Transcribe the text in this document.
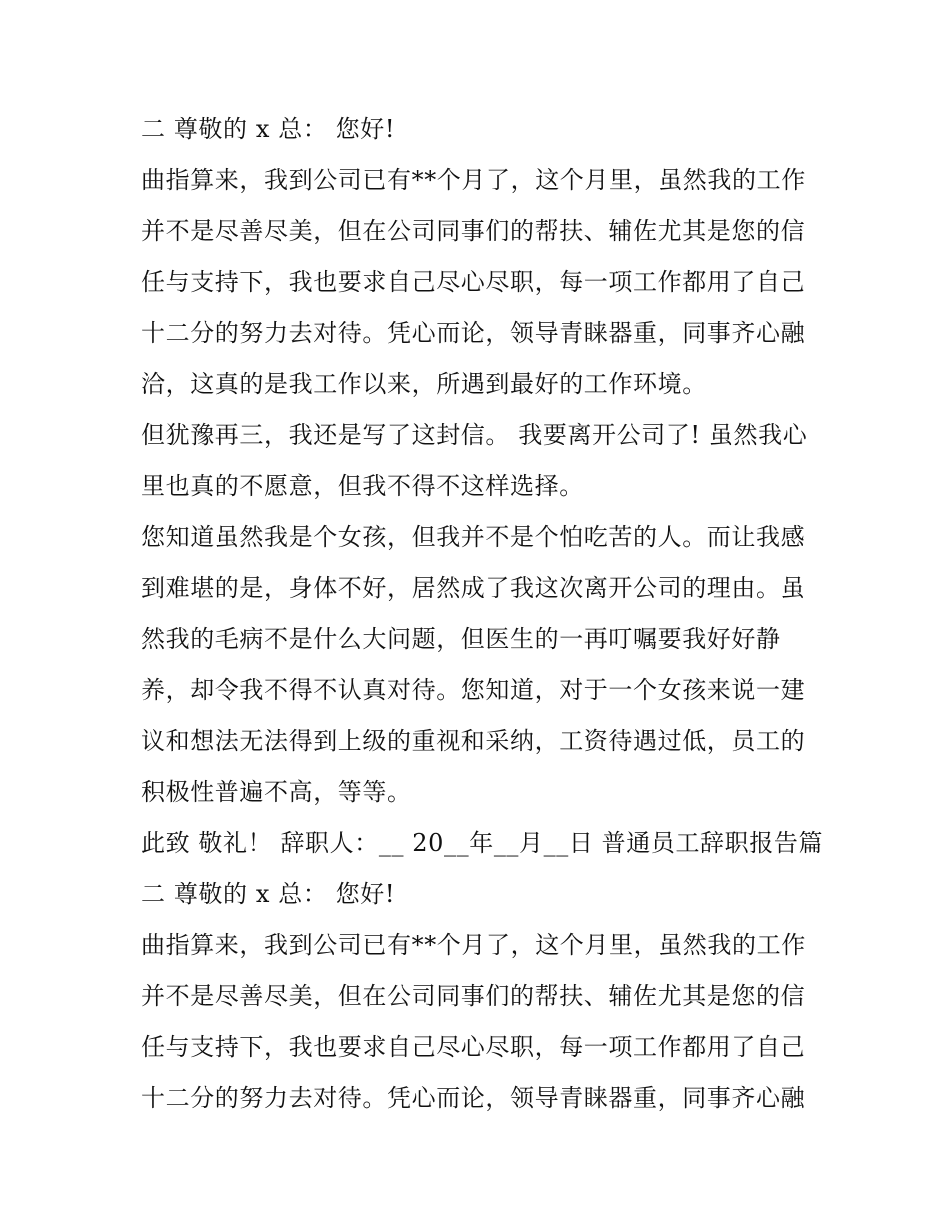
二 尊敬的 x 总： 您好!
曲指算来，我到公司已有**个月了，这个月里，虽然我的工作
并不是尽善尽美，但在公司同事们的帮扶、辅佐尤其是您的信
任与支持下，我也要求自己尽心尽职，每一项工作都用了自己
十二分的努力去对待。凭心而论，领导青睐器重，同事齐心融
洽，这真的是我工作以来，所遇到最好的工作环境。
但犹豫再三，我还是写了这封信。 我要离开公司了! 虽然我心
里也真的不愿意，但我不得不这样选择。
您知道虽然我是个女孩，但我并不是个怕吃苦的人。而让我感
到难堪的是，身体不好，居然成了我这次离开公司的理由。虽
然我的毛病不是什么大问题，但医生的一再叮嘱要我好好静
养，却令我不得不认真对待。您知道，对于一个女孩来说一建
议和想法无法得到上级的重视和采纳，工资待遇过低，员工的
积极性普遍不高，等等。
此致 敬礼！ 辞职人：__ 20__年__月__日 普通员工辞职报告篇
二 尊敬的 x 总： 您好!
曲指算来，我到公司已有**个月了，这个月里，虽然我的工作
并不是尽善尽美，但在公司同事们的帮扶、辅佐尤其是您的信
任与支持下，我也要求自己尽心尽职，每一项工作都用了自己
十二分的努力去对待。凭心而论，领导青睐器重，同事齐心融
